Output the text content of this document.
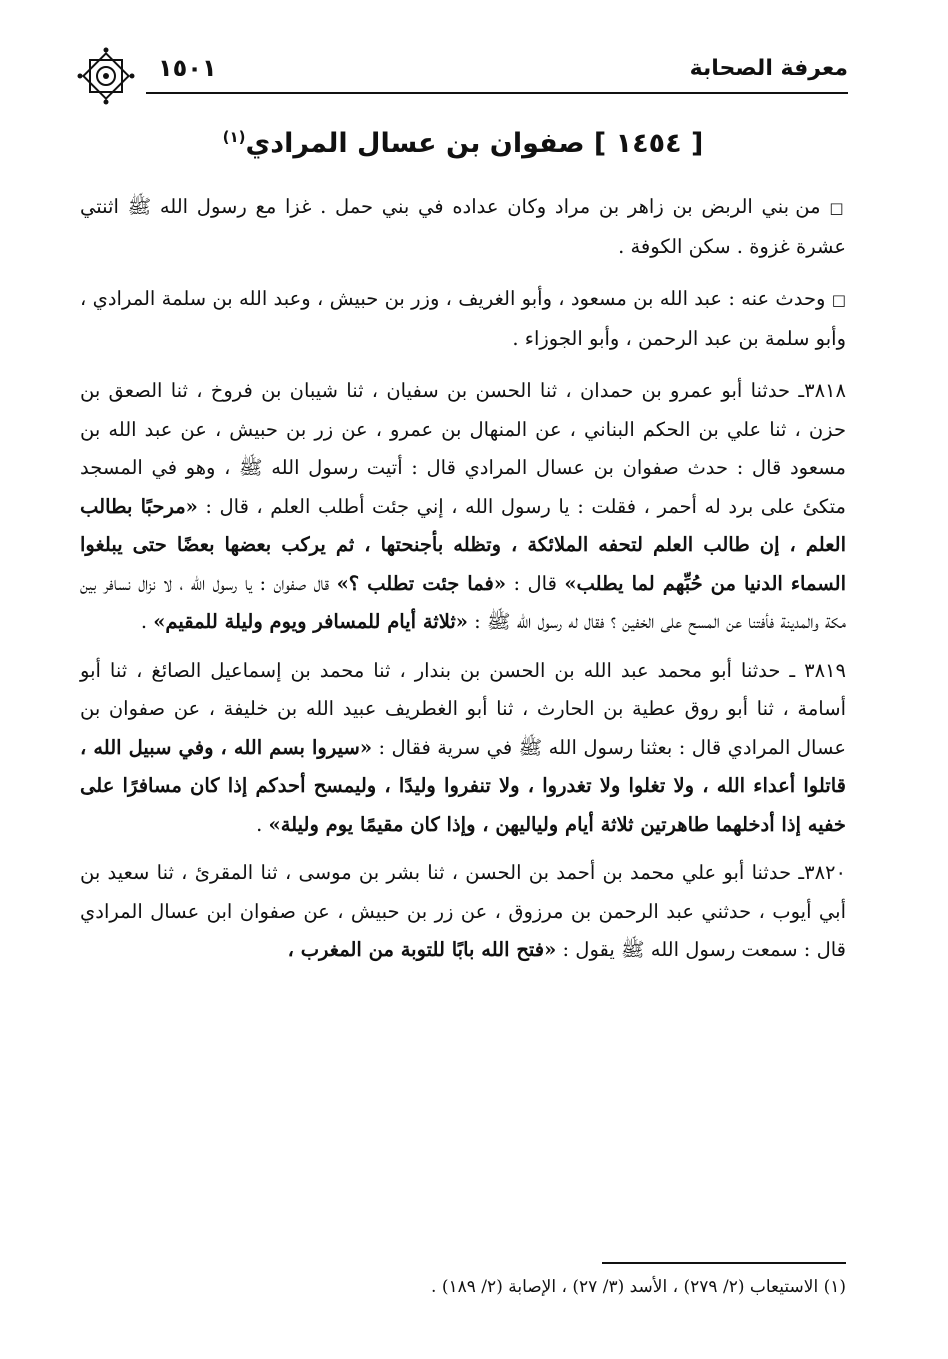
معرفة الصحابة
١٥٠١
[ ١٤٥٤ ] صفوان بن عسال المرادي$^{(١)}$

□ من بني الربض بن زاهر بن مراد وكان عداده في بني حمل . غزا مع رسول الله ﷺ اثنتي عشرة غزوة . سكن الكوفة .

□ وحدث عنه : عبد الله بن مسعود ، وأبو الغريف ، وزر بن حبيش ، وعبد الله بن سلمة المرادي ، وأبو سلمة بن عبد الرحمن ، وأبو الجوزاء .

٣٨١٨ـ حدثنا أبو عمرو بن حمدان ، ثنا الحسن بن سفيان ، ثنا شيبان بن فروخ ، ثنا الصعق بن حزن ، ثنا علي بن الحكم البناني ، عن المنهال بن عمرو ، عن زر بن حبيش ، عن عبد الله بن مسعود قال : حدث صفوان بن عسال المرادي قال : أتيت رسول الله ﷺ ، وهو في المسجد متكئ على برد له أحمر ، فقلت : يا رسول الله ، إني جئت أطلب العلم ، قال : «مرحبًا بطالب العلم ، إن طالب العلم لتحفه الملائكة ، وتظله بأجنحتها ، ثم يركب بعضها بعضًا حتى يبلغوا السماء الدنيا من حُبِّهم لما يطلب» قال : «فما جئت تطلب ؟» قال صفوان : يا رسول الله ، لا نزال نسافر بين مكة والمدينة فأفتنا عن المسح على الخفين ؟ فقال له رسول الله ﷺ : «ثلاثة أيام للمسافر ويوم وليلة للمقيم» .

٣٨١٩ ـ حدثنا أبو محمد عبد الله بن الحسن بن بندار ، ثنا محمد بن إسماعيل الصائغ ، ثنا أبو أسامة ، ثنا أبو روق عطية بن الحارث ، ثنا أبو الغطريف عبيد الله بن خليفة ، عن صفوان بن عسال المرادي قال : بعثنا رسول الله ﷺ في سرية فقال : «سيروا بسم الله ، وفي سبيل الله ، قاتلوا أعداء الله ، ولا تغلوا ولا تغدروا ، ولا تنفروا وليدًا ، وليمسح أحدكم إذا كان مسافرًا على خفيه إذا أدخلهما طاهرتين ثلاثة أيام ولياليهن ، وإذا كان مقيمًا يوم وليلة» .

٣٨٢٠ـ حدثنا أبو علي محمد بن أحمد بن الحسن ، ثنا بشر بن موسى ، ثنا المقرئ ، ثنا سعيد بن أبي أيوب ، حدثني عبد الرحمن بن مرزوق ، عن زر بن حبيش ، عن صفوان ابن عسال المرادي قال : سمعت رسول الله ﷺ يقول : «فتح الله بابًا للتوبة من المغرب ،

(١) الاستيعاب (٢/ ٢٧٩) ، الأسد (٣/ ٢٧) ، الإصابة (٢/ ١٨٩) .
